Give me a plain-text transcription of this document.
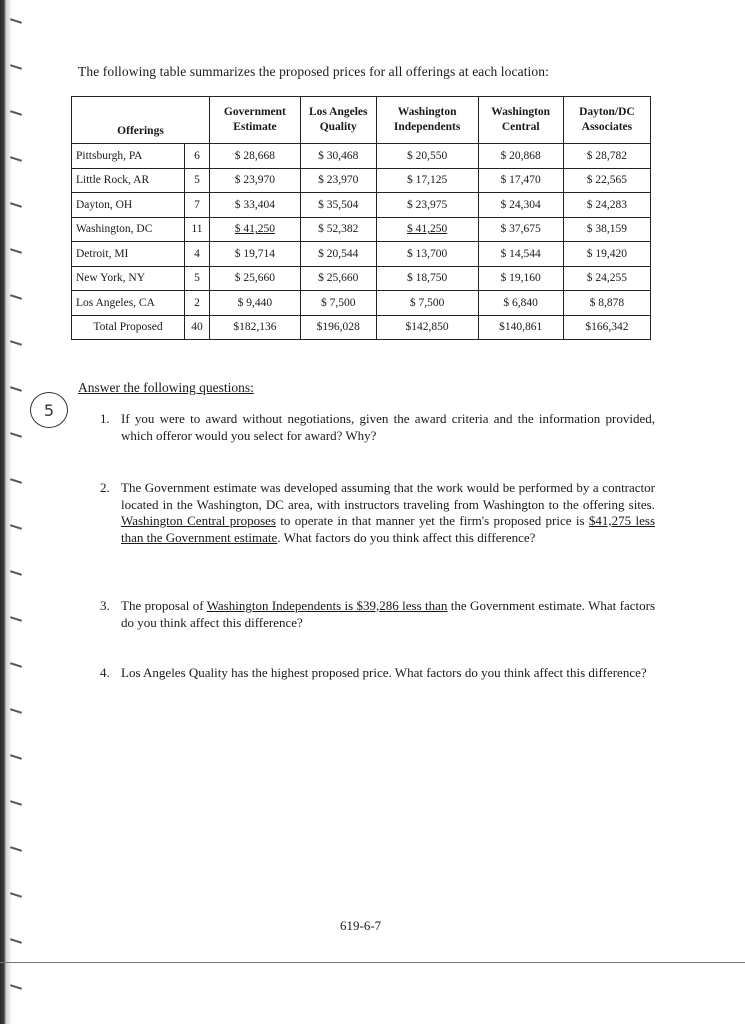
The following table summarizes the proposed prices for all offerings at each location:
Offerings		Government Estimate	Los Angeles Quality	Washington Independents	Washington Central	Dayton/DC Associates
Pittsburgh, PA	6	$ 28,668	$ 30,468	$ 20,550	$ 20,868	$ 28,782
Little Rock, AR	5	$ 23,970	$ 23,970	$ 17,125	$ 17,470	$ 22,565
Dayton, OH	7	$ 33,404	$ 35,504	$ 23,975	$ 24,304	$ 24,283
Washington, DC	11	$ 41,250	$ 52,382	$ 41,250	$ 37,675	$ 38,159
Detroit, MI	4	$ 19,714	$ 20,544	$ 13,700	$ 14,544	$ 19,420
New York, NY	5	$ 25,660	$ 25,660	$ 18,750	$ 19,160	$ 24,255
Los Angeles, CA	2	$ 9,440	$ 7,500	$ 7,500	$ 6,840	$ 8,878
Total Proposed	40	$182,136	$196,028	$142,850	$140,861	$166,342
Answer the following questions:
5	1. If you were to award without negotiations, given the award criteria and the information provided, which offeror would you select for award? Why?
2. The Government estimate was developed assuming that the work would be performed by a contractor located in the Washington, DC area, with instructors traveling from Washington to the offering sites. Washington Central proposes to operate in that manner yet the firm's proposed price is $41,275 less than the Government estimate. What factors do you think affect this difference?
3. The proposal of Washington Independents is $39,286 less than the Government estimate. What factors do you think affect this difference?
4. Los Angeles Quality has the highest proposed price. What factors do you think affect this difference?
619-6-7
